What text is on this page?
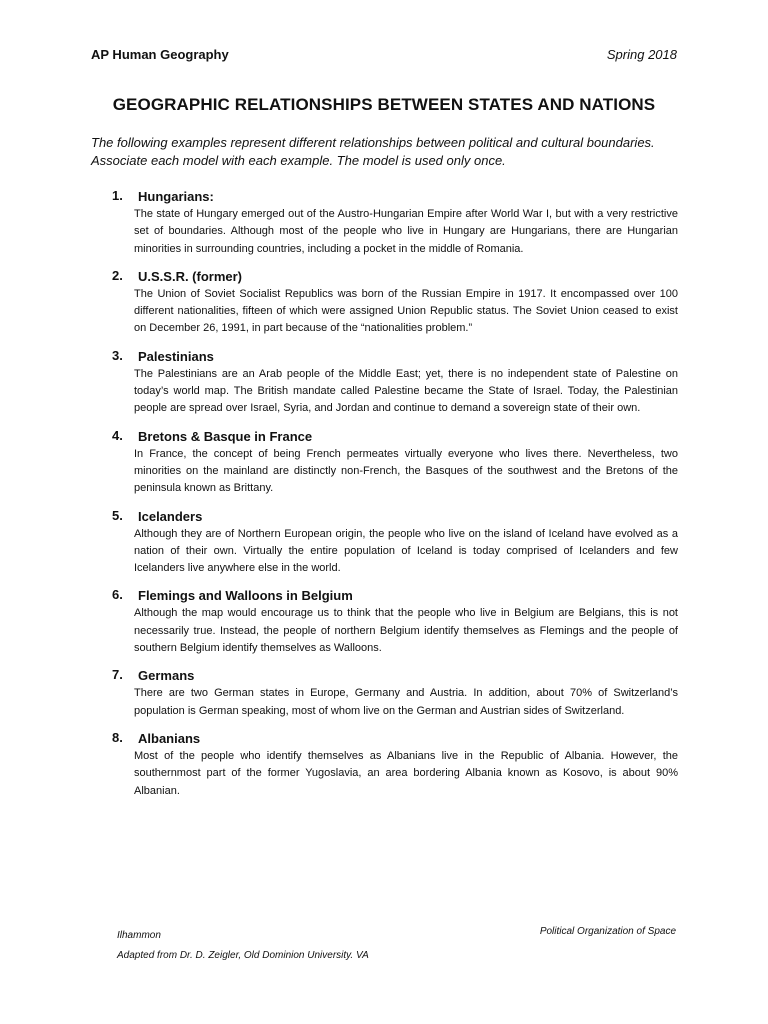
AP Human Geography	Spring 2018
GEOGRAPHIC RELATIONSHIPS BETWEEN STATES AND NATIONS
The following examples represent different relationships between political and cultural boundaries. Associate each model with each example. The model is used only once.
1.	Hungarians:
The state of Hungary emerged out of the Austro-Hungarian Empire after World War I, but with a very restrictive set of boundaries. Although most of the people who live in Hungary are Hungarians, there are Hungarian minorities in surrounding countries, including a pocket in the middle of Romania.
2.	U.S.S.R. (former)
The Union of Soviet Socialist Republics was born of the Russian Empire in 1917. It encompassed over 100 different nationalities, fifteen of which were assigned Union Republic status. The Soviet Union ceased to exist on December 26, 1991, in part because of the “nationalities problem.”
3.	Palestinians
The Palestinians are an Arab people of the Middle East; yet, there is no independent state of Palestine on today’s world map. The British mandate called Palestine became the State of Israel. Today, the Palestinian people are spread over Israel, Syria, and Jordan and continue to demand a sovereign state of their own.
4.	Bretons & Basque in France
In France, the concept of being French permeates virtually everyone who lives there. Nevertheless, two minorities on the mainland are distinctly non-French, the Basques of the southwest and the Bretons of the peninsula known as Brittany.
5.	Icelanders
Although they are of Northern European origin, the people who live on the island of Iceland have evolved as a nation of their own. Virtually the entire population of Iceland is today comprised of Icelanders and few Icelanders live anywhere else in the world.
6.	Flemings and Walloons in Belgium
Although the map would encourage us to think that the people who live in Belgium are Belgians, this is not necessarily true. Instead, the people of northern Belgium identify themselves as Flemings and the people of southern Belgium identify themselves as Walloons.
7.	Germans
There are two German states in Europe, Germany and Austria. In addition, about 70% of Switzerland’s population is German speaking, most of whom live on the German and Austrian sides of Switzerland.
8.	Albanians
Most of the people who identify themselves as Albanians live in the Republic of Albania. However, the southernmost part of the former Yugoslavia, an area bordering Albania known as Kosovo, is about 90% Albanian.
Ilhammon
Adapted from Dr. D. Zeigler, Old Dominion University. VA
Political Organization of Space
